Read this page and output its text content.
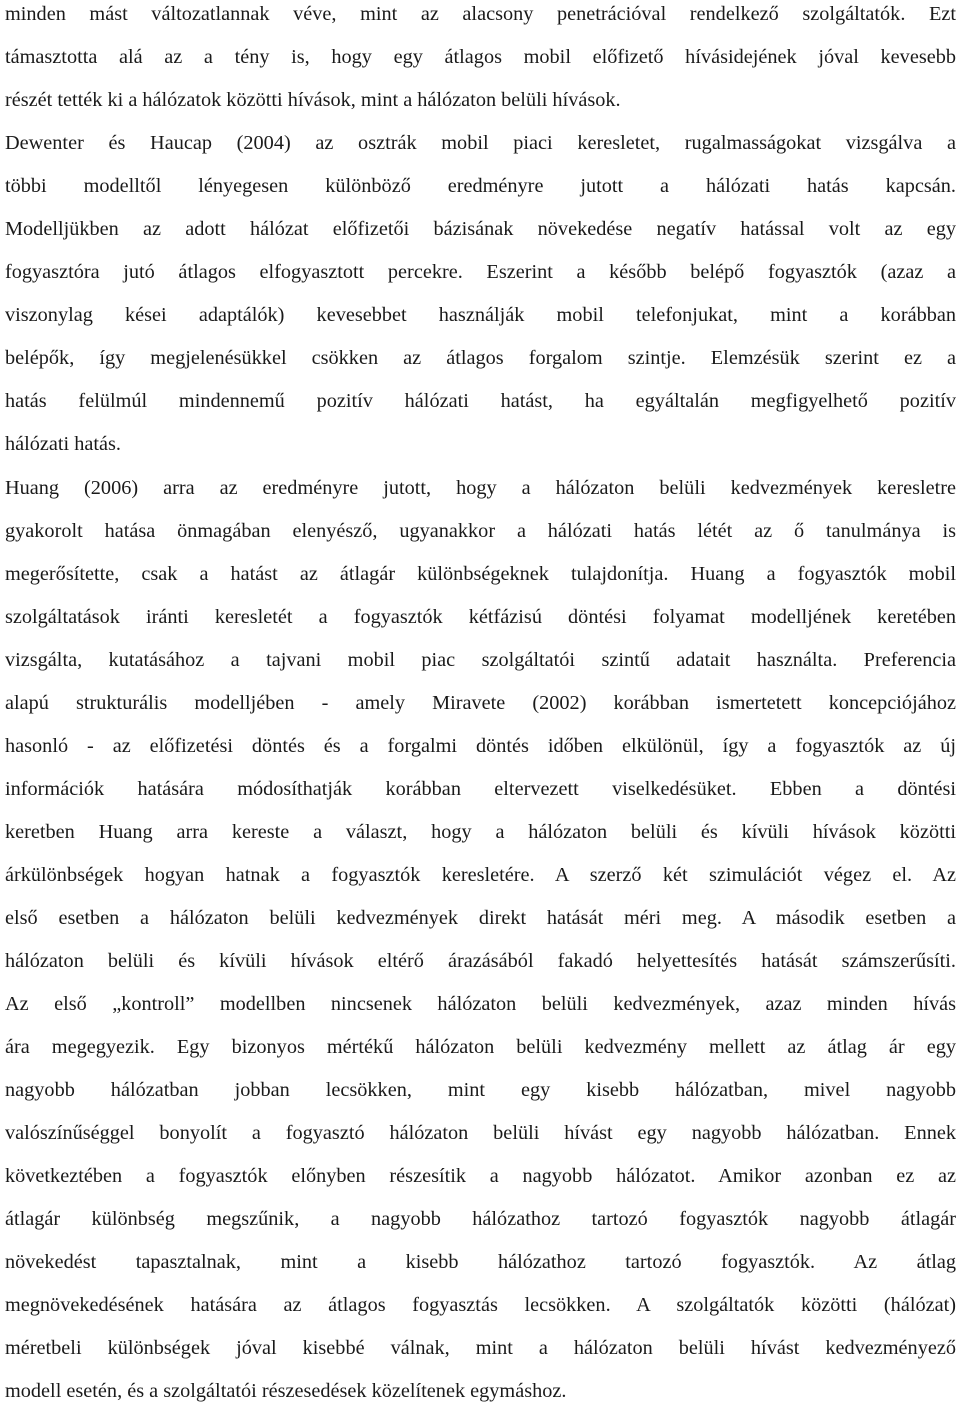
minden mást változatlannak véve, mint az alacsony penetrációval rendelkező szolgáltatók. Ezt
támasztotta alá az a tény is, hogy egy átlagos mobil előfizető hívásidejének jóval kevesebb
részét tették ki a hálózatok közötti hívások, mint a hálózaton belüli hívások.
Dewenter és Haucap (2004) az osztrák mobil piaci keresletet, rugalmasságokat vizsgálva a
többi modelltől lényegesen különböző eredményre jutott a hálózati hatás kapcsán.
Modelljükben az adott hálózat előfizetői bázisának növekedése negatív hatással volt az egy
fogyasztóra jutó átlagos elfogyasztott percekre. Eszerint a később belépő fogyasztók (azaz a
viszonylag kései adaptálók) kevesebbet használják mobil telefonjukat, mint a korábban
belépők, így megjelenésükkel csökken az átlagos forgalom szintje. Elemzésük szerint ez a
hatás felülmúl mindennemű pozitív hálózati hatást, ha egyáltalán megfigyelhető pozitív
hálózati hatás.
Huang (2006) arra az eredményre jutott, hogy a hálózaton belüli kedvezmények keresletre
gyakorolt hatása önmagában elenyésző, ugyanakkor a hálózati hatás létét az ő tanulmánya is
megerősítette, csak a hatást az átlagár különbségeknek tulajdonítja. Huang a fogyasztók mobil
szolgáltatások iránti keresletét a fogyasztók kétfázisú döntési folyamat modelljének keretében
vizsgálta, kutatásához a tajvani mobil piac szolgáltatói szintű adatait használta. Preferencia
alapú strukturális modelljében - amely Miravete (2002) korábban ismertetett koncepciójához
hasonló - az előfizetési döntés és a forgalmi döntés időben elkülönül, így a fogyasztók az új
információk hatására módosíthatják korábban eltervezett viselkedésüket. Ebben a döntési
keretben Huang arra kereste a választ, hogy a hálózaton belüli és kívüli hívások közötti
árkülönbségek hogyan hatnak a fogyasztók keresletére. A szerző két szimulációt végez el. Az
első esetben a hálózaton belüli kedvezmények direkt hatását méri meg. A második esetben a
hálózaton belüli és kívüli hívások eltérő árazásából fakadó helyettesítés hatását számszerűsíti.
Az első „kontroll” modellben nincsenek hálózaton belüli kedvezmények, azaz minden hívás
ára megegyezik. Egy bizonyos mértékű hálózaton belüli kedvezmény mellett az átlag ár egy
nagyobb hálózatban jobban lecsökken, mint egy kisebb hálózatban, mivel nagyobb
valószínűséggel bonyolít a fogyasztó hálózaton belüli hívást egy nagyobb hálózatban. Ennek
következtében a fogyasztók előnyben részesítik a nagyobb hálózatot. Amikor azonban ez az
átlagár különbség megszűnik, a nagyobb hálózathoz tartozó fogyasztók nagyobb átlagár
növekedést tapasztalnak, mint a kisebb hálózathoz tartozó fogyasztók. Az átlag
megnövekedésének hatására az átlagos fogyasztás lecsökken. A szolgáltatók közötti (hálózat)
méretbeli különbségek jóval kisebbé válnak, mint a hálózaton belüli hívást kedvezményező
modell esetén, és a szolgáltatói részesedések közelítenek egymáshoz.
